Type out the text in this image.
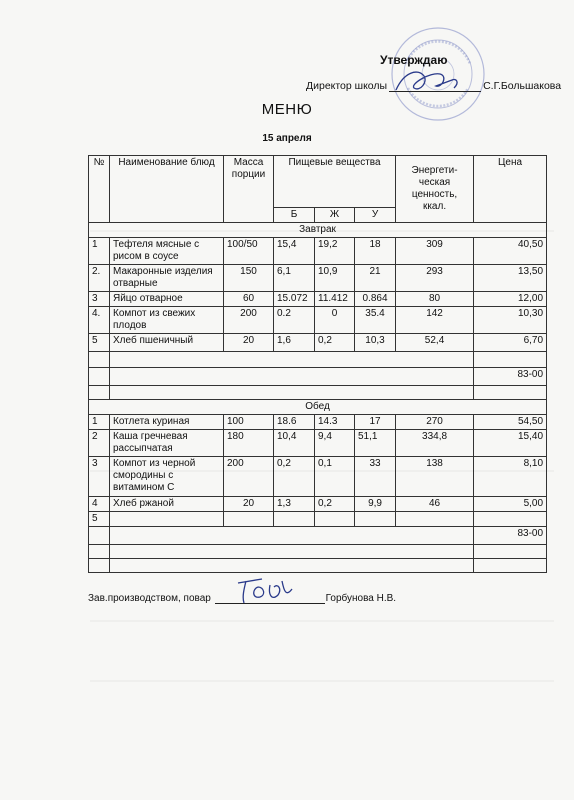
Утверждаю
Директор школы	С.Г.Большакова
МЕНЮ
15 апреля
№	Наименование блюд	Масса порции	Пищевые вещества			Энергети-ческая ценность, ккал.	Цена
			Б	Ж	У		
Завтрак							
1	Тефтеля мясные с рисом в соусе	100/50	15,4	19,2	18	309	40,50
2.	Макаронные изделия отварные	150	6,1	10,9	21	293	13,50
3	Яйцо отварное	60	15.072	11.412	0.864	80	12,00
4.	Компот из свежих плодов	200	0.2	0	35.4	142	10,30
5	Хлеб пшеничный	20	1,6	0,2	10,3	52,4	6,70

							83-00

Обед							
1	Котлета куриная	100	18.6	14.3	17	270	54,50
2	Каша гречневая рассыпчатая	180	10,4	9,4	51,1	334,8	15,40
3	Компот из черной смородины с витамином С	200	0,2	0,1	33	138	8,10
4	Хлеб ржаной	20	1,3	0,2	9,9	46	5,00
5							
							83-00

Зав.производством, повар	Горбунова Н.В.
